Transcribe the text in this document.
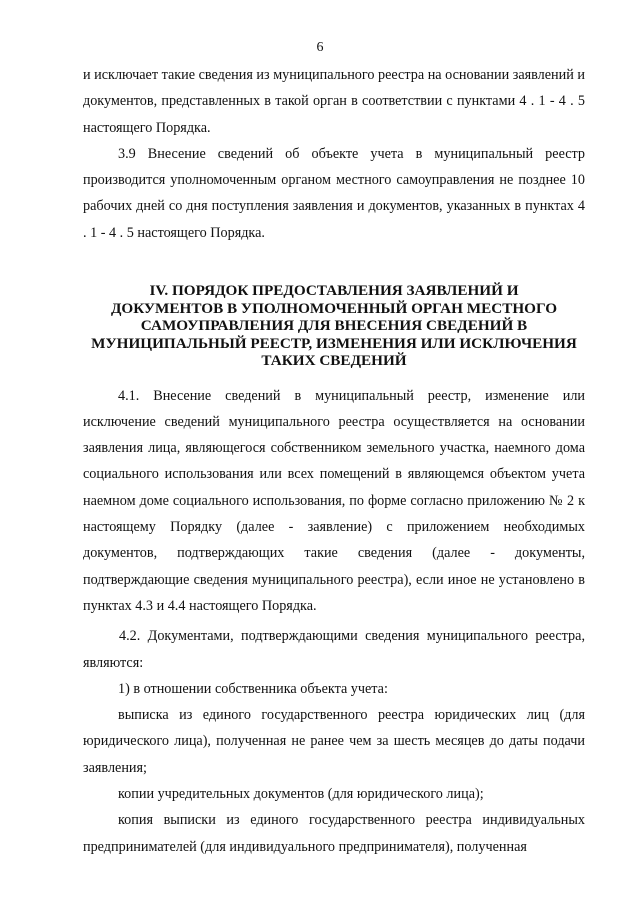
6

и исключает такие сведения из муниципального реестра на основании заявлений и документов, представленных в такой орган в соответствии с пунктами 4 . 1 - 4 . 5 настоящего Порядка.

3.9 Внесение сведений об объекте учета в муниципальный реестр производится уполномоченным органом местного самоуправления не позднее 10 рабочих дней со дня поступления заявления и документов, указанных в пунктах 4 . 1 - 4 . 5 настоящего Порядка.

IV. ПОРЯДОК ПРЕДОСТАВЛЕНИЯ ЗАЯВЛЕНИЙ И
ДОКУМЕНТОВ В УПОЛНОМОЧЕННЫЙ ОРГАН МЕСТНОГО
САМОУПРАВЛЕНИЯ ДЛЯ ВНЕСЕНИЯ СВЕДЕНИЙ В
МУНИЦИПАЛЬНЫЙ РЕЕСТР, ИЗМЕНЕНИЯ ИЛИ ИСКЛЮЧЕНИЯ
ТАКИХ СВЕДЕНИЙ

4.1. Внесение сведений в муниципальный реестр, изменение или исключение сведений муниципального реестра осуществляется на основании заявления лица, являющегося собственником земельного участка, наемного дома социального использования или всех помещений в являющемся объектом учета наемном доме социального использования, по форме согласно приложению № 2 к настоящему Порядку (далее - заявление) с приложением необходимых документов, подтверждающих такие сведения (далее - документы, подтверждающие сведения муниципального реестра), если иное не установлено в пунктах 4.3 и 4.4 настоящего Порядка.

4.2. Документами, подтверждающими сведения муниципального реестра, являются:

1) в отношении собственника объекта учета:

выписка из единого государственного реестра юридических лиц (для юридического лица), полученная не ранее чем за шесть месяцев до даты подачи заявления;

копии учредительных документов (для юридического лица);

копия выписки из единого государственного реестра индивидуальных предпринимателей (для индивидуального предпринимателя), полученная
